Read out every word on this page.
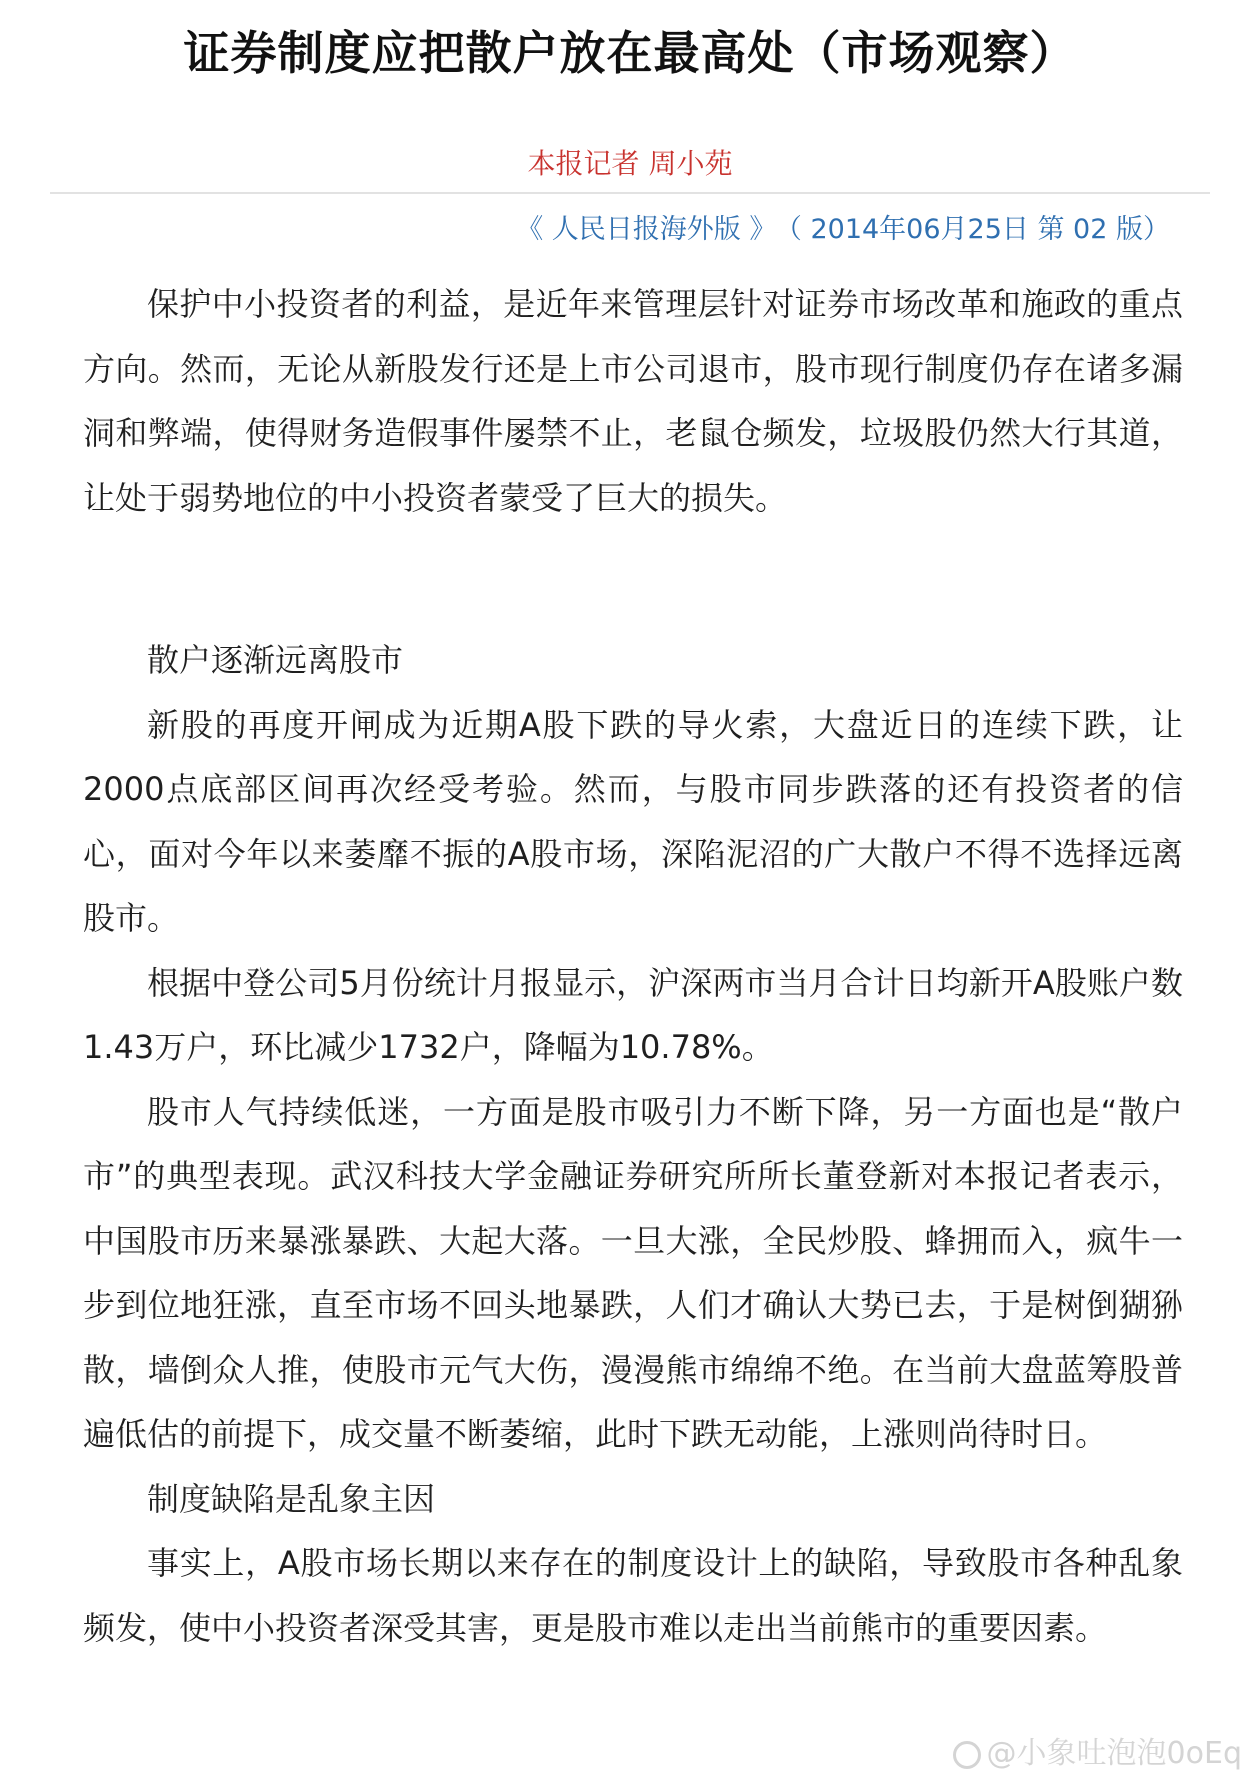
证券制度应把散户放在最高处（市场观察）
本报记者 周小苑
《 人民日报海外版 》 （ 2014年06月25日 第 02 版）

保护中小投资者的利益，是近年来管理层针对证券市场改革和施政的重点方向。然而，无论从新股发行还是上市公司退市，股市现行制度仍存在诸多漏洞和弊端，使得财务造假事件屡禁不止，老鼠仓频发，垃圾股仍然大行其道，让处于弱势地位的中小投资者蒙受了巨大的损失。

散户逐渐远离股市

新股的再度开闸成为近期A股下跌的导火索，大盘近日的连续下跌，让2000点底部区间再次经受考验。然而，与股市同步跌落的还有投资者的信心，面对今年以来萎靡不振的A股市场，深陷泥沼的广大散户不得不选择远离股市。

根据中登公司5月份统计月报显示，沪深两市当月合计日均新开A股账户数1.43万户，环比减少1732户，降幅为10.78%。

股市人气持续低迷，一方面是股市吸引力不断下降，另一方面也是“散户市”的典型表现。武汉科技大学金融证券研究所所长董登新对本报记者表示，中国股市历来暴涨暴跌、大起大落。一旦大涨，全民炒股、蜂拥而入，疯牛一步到位地狂涨，直至市场不回头地暴跌，人们才确认大势已去，于是树倒猢狲散，墙倒众人推，使股市元气大伤，漫漫熊市绵绵不绝。在当前大盘蓝筹股普遍低估的前提下，成交量不断萎缩，此时下跌无动能，上涨则尚待时日。

制度缺陷是乱象主因

事实上，A股市场长期以来存在的制度设计上的缺陷，导致股市各种乱象频发，使中小投资者深受其害，更是股市难以走出当前熊市的重要因素。

@小象吐泡泡0oEq
